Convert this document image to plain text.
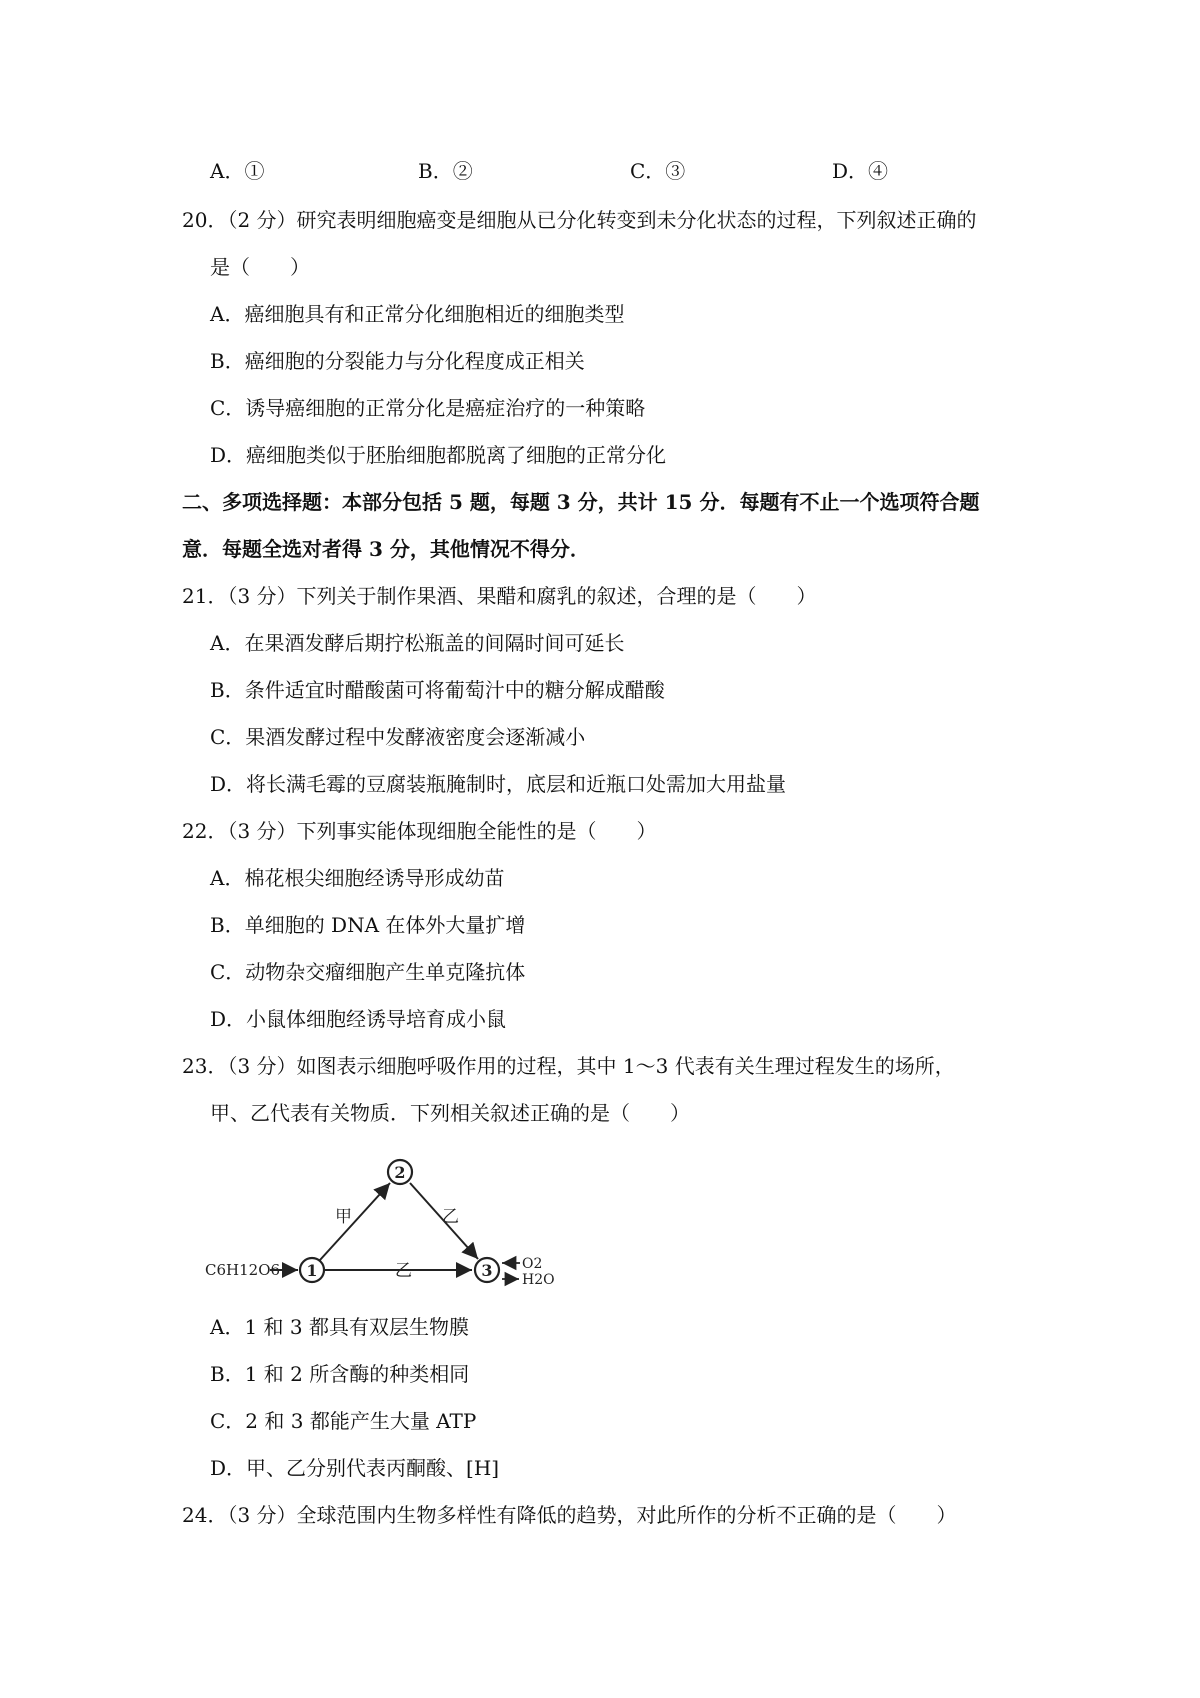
A．①	B．②	C．③	D．④
20．（2 分）研究表明细胞癌变是细胞从已分化转变到未分化状态的过程，下列叙述正确的
是（　　）
A．癌细胞具有和正常分化细胞相近的细胞类型
B．癌细胞的分裂能力与分化程度成正相关
C．诱导癌细胞的正常分化是癌症治疗的一种策略
D．癌细胞类似于胚胎细胞都脱离了细胞的正常分化
二、多项选择题：本部分包括 5 题，每题 3 分，共计 15 分．每题有不止一个选项符合题
意．每题全选对者得 3 分，其他情况不得分．
21．（3 分）下列关于制作果酒、果醋和腐乳的叙述，合理的是（　　）
A．在果酒发酵后期拧松瓶盖的间隔时间可延长
B．条件适宜时醋酸菌可将葡萄汁中的糖分解成醋酸
C．果酒发酵过程中发酵液密度会逐渐减小
D．将长满毛霉的豆腐装瓶腌制时，底层和近瓶口处需加大用盐量
22．（3 分）下列事实能体现细胞全能性的是（　　）
A．棉花根尖细胞经诱导形成幼苗
B．单细胞的 DNA 在体外大量扩增
C．动物杂交瘤细胞产生单克隆抗体
D．小鼠体细胞经诱导培育成小鼠
23．（3 分）如图表示细胞呼吸作用的过程，其中 1～3 代表有关生理过程发生的场所，
甲、乙代表有关物质．下列相关叙述正确的是（　　）
C6H12O6 1
2
3
甲	乙
乙	O2
H2O
A．1 和 3 都具有双层生物膜
B．1 和 2 所含酶的种类相同
C．2 和 3 都能产生大量 ATP
D．甲、乙分别代表丙酮酸、[H]
24．（3 分）全球范围内生物多样性有降低的趋势，对此所作的分析不正确的是（　　）
